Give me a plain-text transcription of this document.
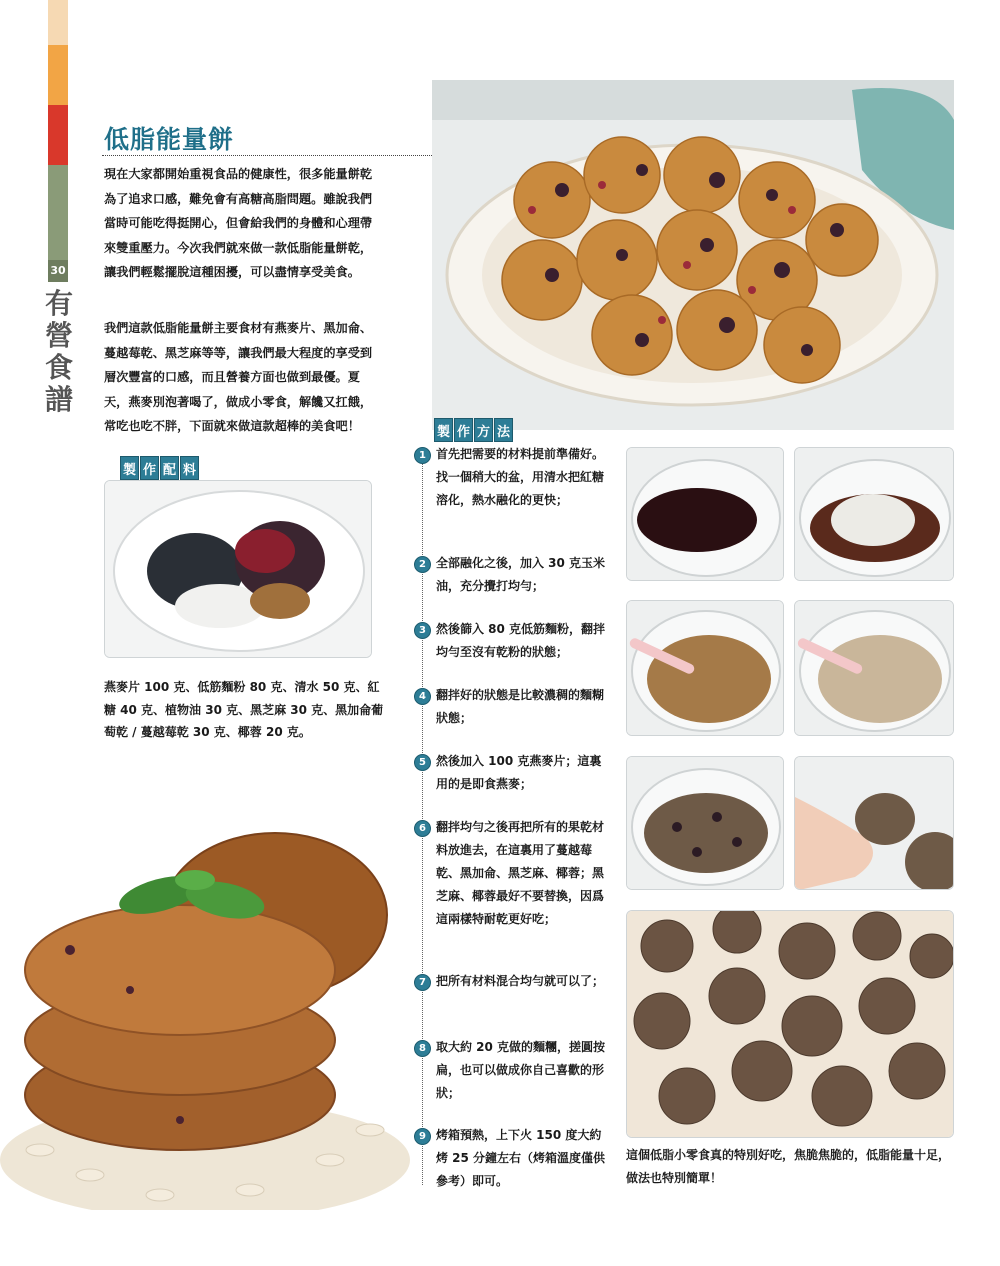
30
有
營
食
譜
低脂能量餅
現在大家都開始重視食品的健康性，很多能量餅乾為了追求口感，難免會有高糖高脂問題。雖說我們當時可能吃得挺開心，但會給我們的身體和心理帶來雙重壓力。今次我們就來做一款低脂能量餅乾，讓我們輕鬆擺脫這種困擾，可以盡情享受美食。
我們這款低脂能量餅主要食材有燕麥片、黑加侖、蔓越莓乾、黑芝麻等等，讓我們最大程度的享受到層次豐富的口感，而且營養方面也做到最優。夏天，燕麥別泡著喝了，做成小零食，解饞又扛餓，常吃也吃不胖，下面就來做這款超棒的美食吧！
製 作 配 料
燕麥片 100 克、低筋麵粉 80 克、清水 50 克、紅糖 40 克、植物油 30 克、黑芝麻 30 克、黑加侖葡萄乾 / 蔓越莓乾 30 克、椰蓉 20 克。
製 作 方 法
1 首先把需要的材料提前準備好。找一個稍大的盆，用清水把紅糖溶化，熱水融化的更快；
2 全部融化之後，加入 30 克玉米油，充分攪打均勻；
3 然後篩入 80 克低筋麵粉，翻拌均勻至沒有乾粉的狀態；
4 翻拌好的狀態是比較濃稠的麵糊狀態；
5 然後加入 100 克燕麥片；這裏用的是即食燕麥；
6 翻拌均勻之後再把所有的果乾材料放進去，在這裏用了蔓越莓乾、黑加侖、黑芝麻、椰蓉；黑芝麻、椰蓉最好不要替換，因爲這兩樣特耐乾更好吃；
7 把所有材料混合均勻就可以了；
8 取大約 20 克做的麵糰，搓圓按扁，也可以做成你自己喜歡的形狀；
9 烤箱預熱，上下火 150 度大約烤 25 分鐘左右（烤箱溫度僅供參考）即可。
這個低脂小零食真的特別好吃，焦脆焦脆的，低脂能量十足，做法也特別簡單！
